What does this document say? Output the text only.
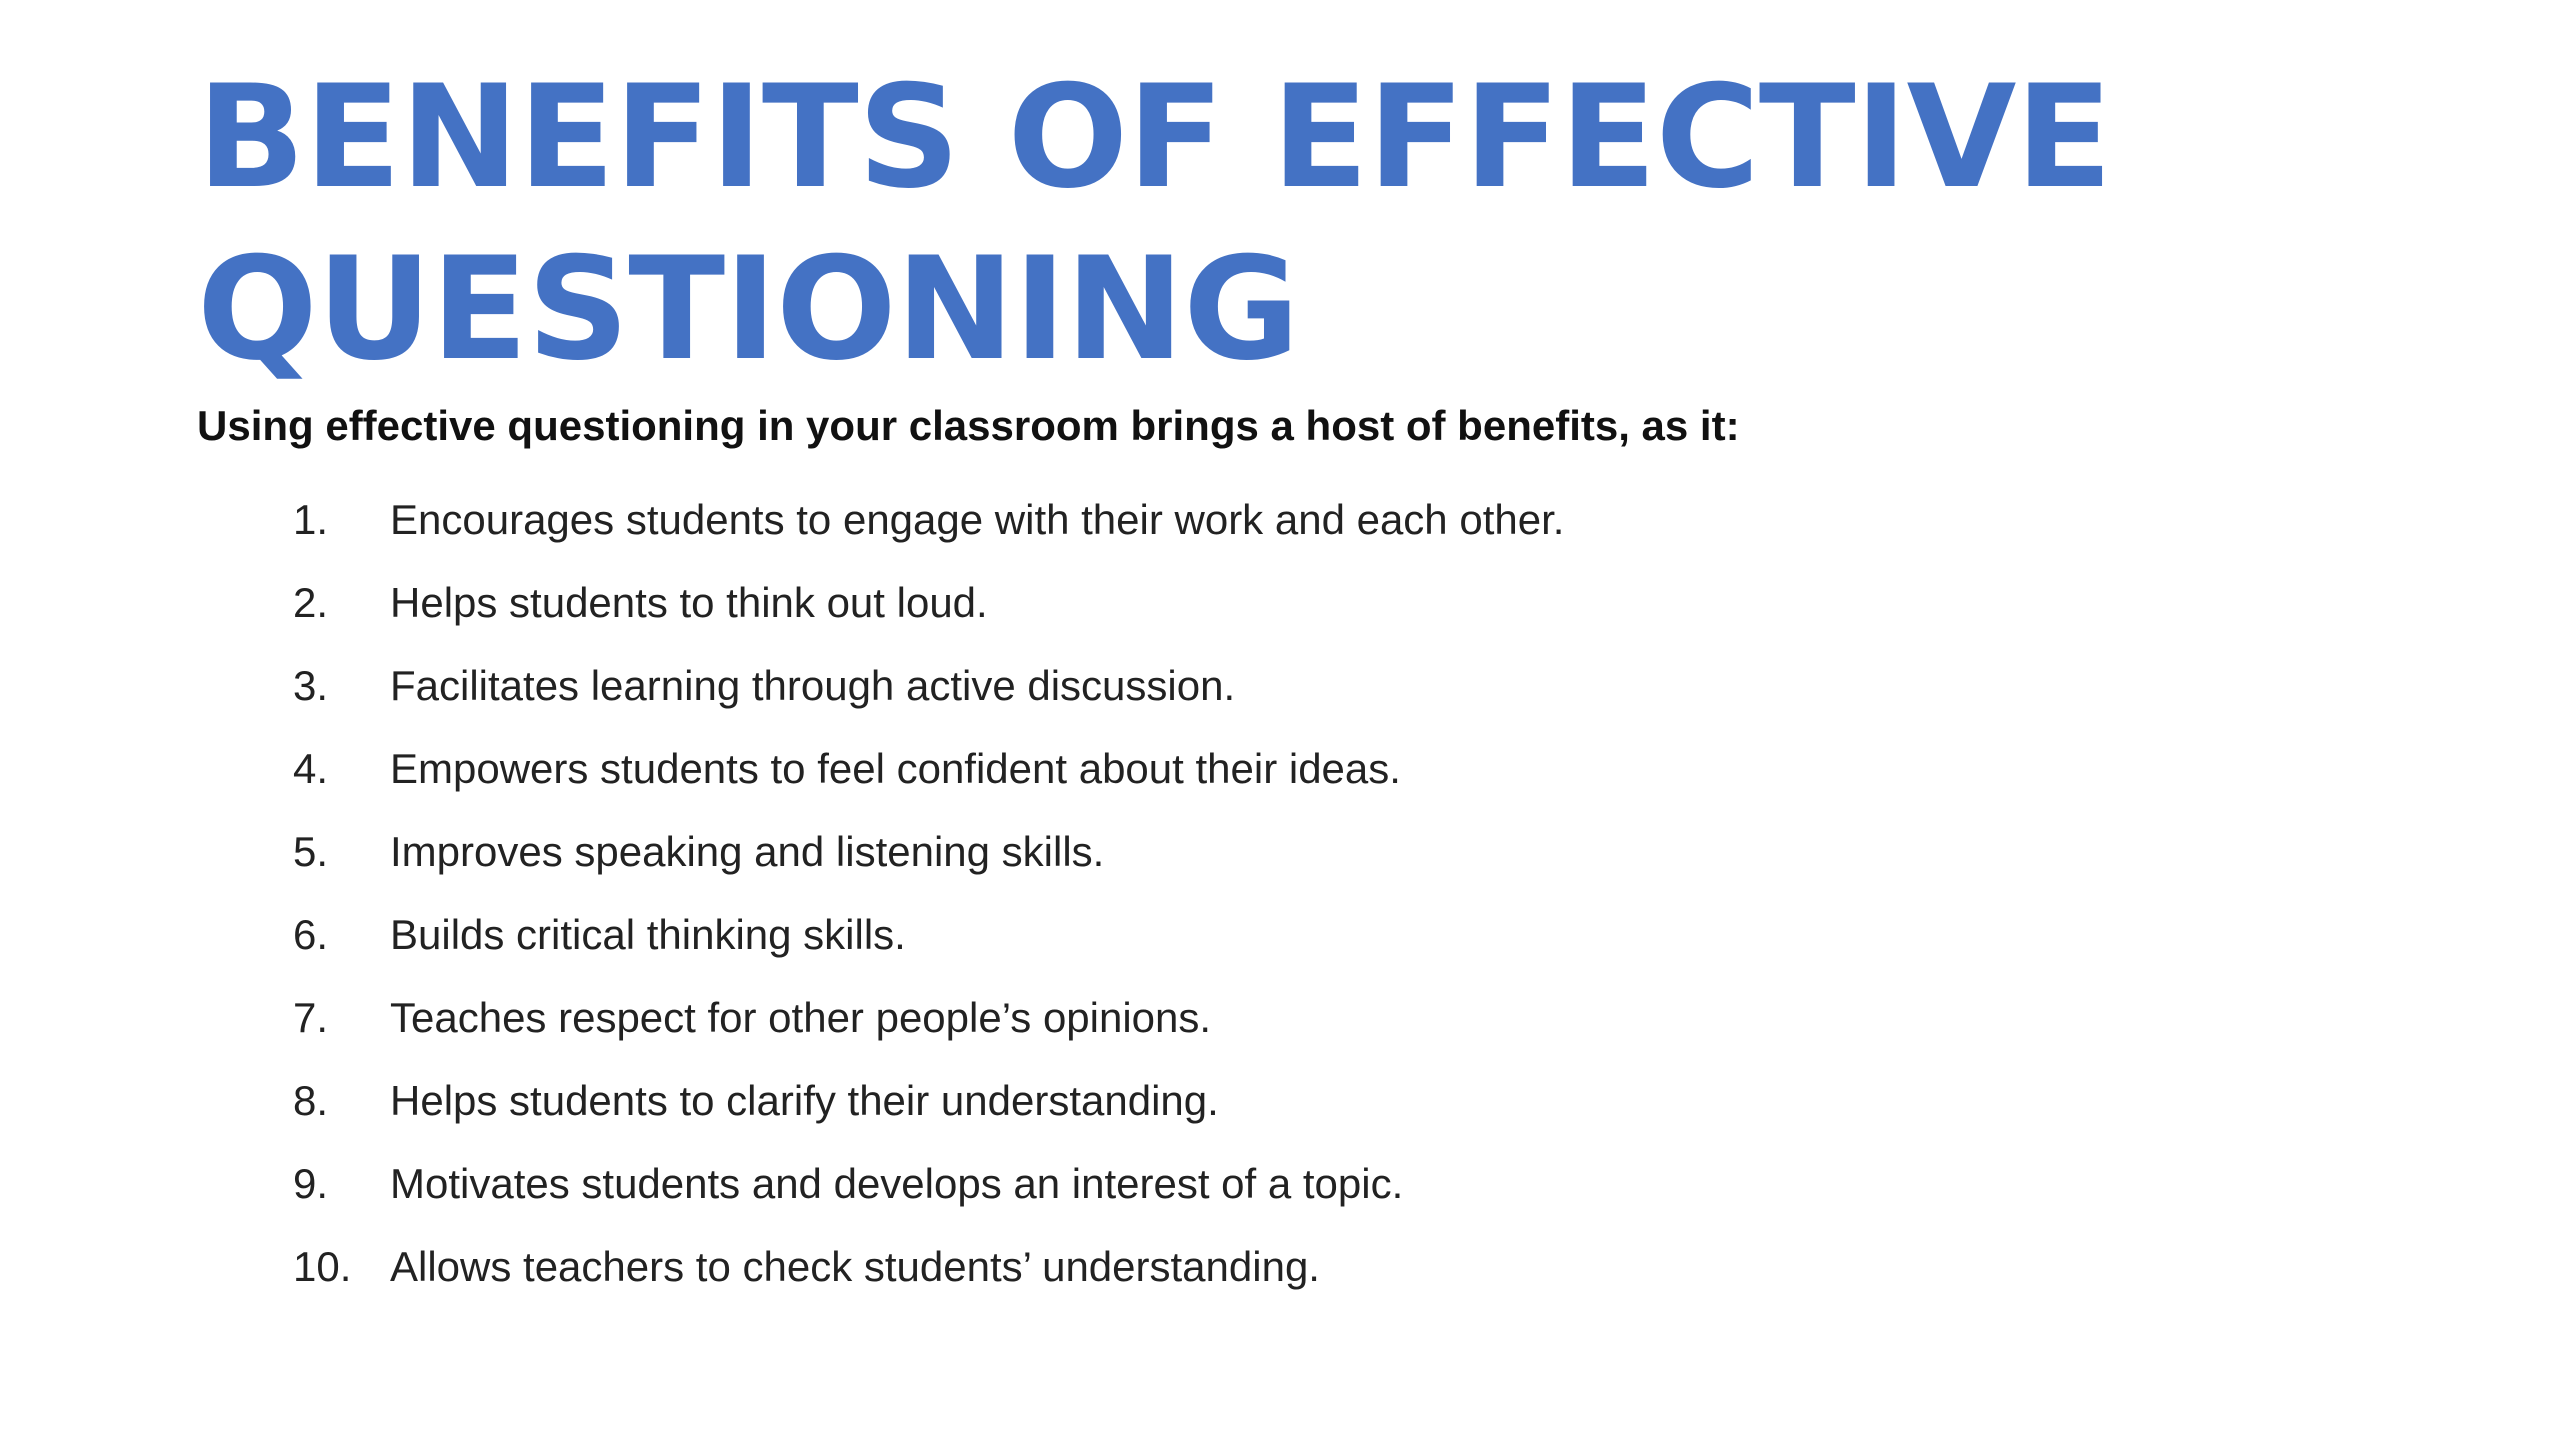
BENEFITS OF EFFECTIVE
QUESTIONING

Using effective questioning in your classroom brings a host of benefits, as it:

1.	Encourages students to engage with their work and each other.
2.	Helps students to think out loud.
3.	Facilitates learning through active discussion.
4.	Empowers students to feel confident about their ideas.
5.	Improves speaking and listening skills.
6.	Builds critical thinking skills.
7.	Teaches respect for other people’s opinions.
8.	Helps students to clarify their understanding.
9.	Motivates students and develops an interest of a topic.
10. Allows teachers to check students’ understanding.
